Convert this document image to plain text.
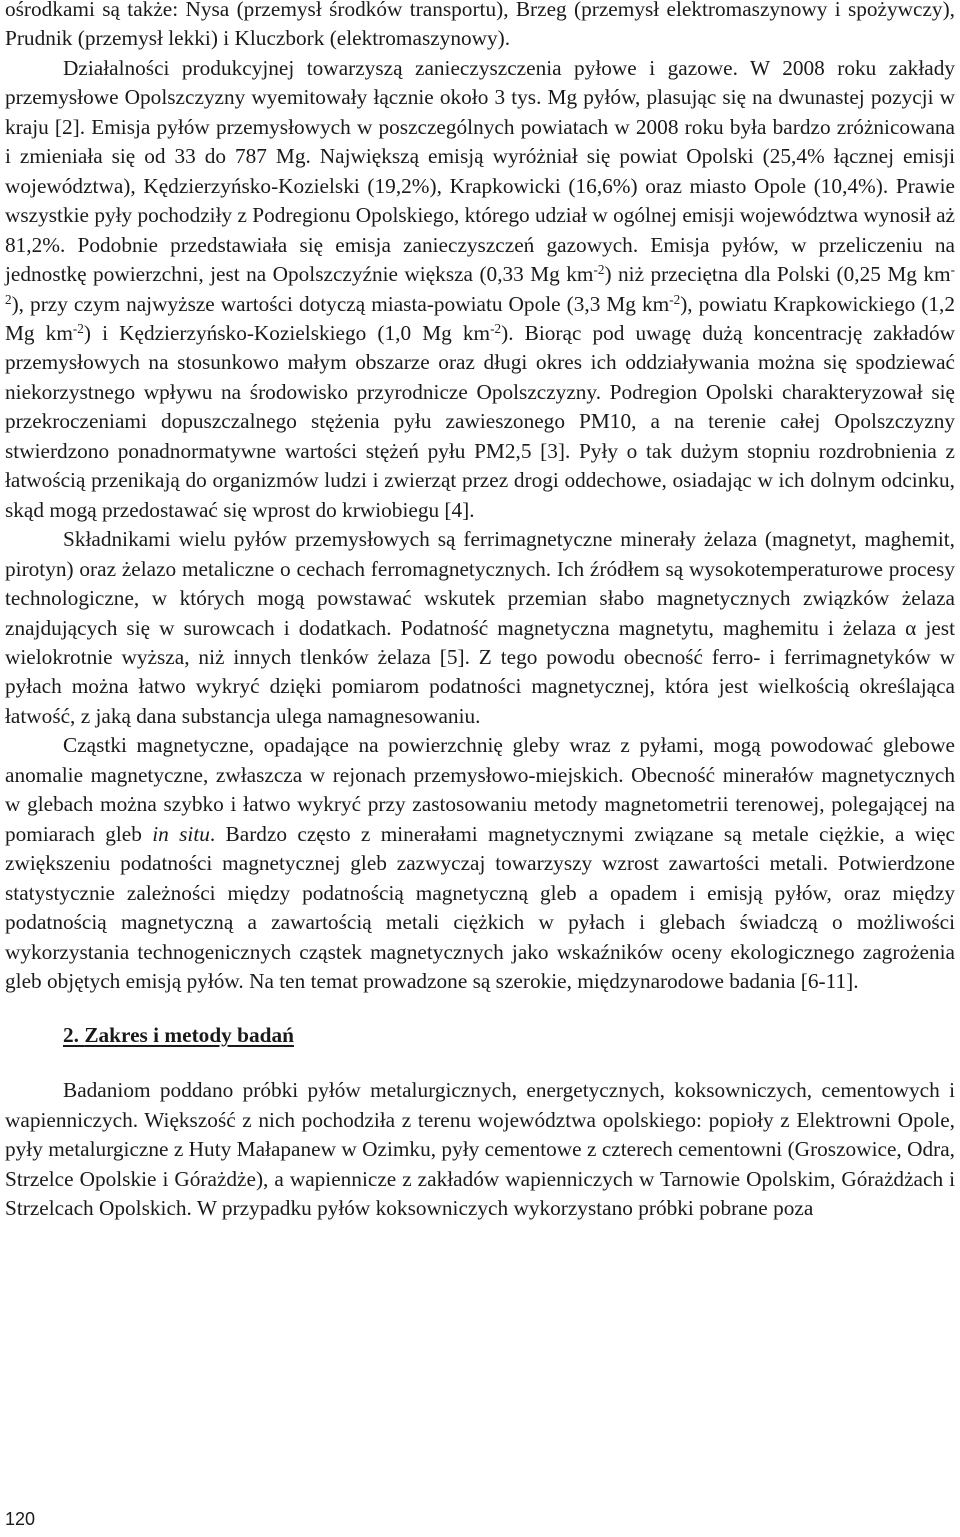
ośrodkami są także: Nysa (przemysł środków transportu), Brzeg (przemysł elektromaszynowy i spożywczy), Prudnik (przemysł lekki) i Kluczbork (elektromaszynowy).
Działalności produkcyjnej towarzyszą zanieczyszczenia pyłowe i gazowe. W 2008 roku zakłady przemysłowe Opolszczyzny wyemitowały łącznie około 3 tys. Mg pyłów, plasując się na dwunastej pozycji w kraju [2]. Emisja pyłów przemysłowych w poszczególnych powiatach w 2008 roku była bardzo zróżnicowana i zmieniała się od 33 do 787 Mg. Największą emisją wyróżniał się powiat Opolski (25,4% łącznej emisji województwa), Kędzierzyńsko-Kozielski (19,2%), Krapkowicki (16,6%) oraz miasto Opole (10,4%). Prawie wszystkie pyły pochodziły z Podregionu Opolskiego, którego udział w ogólnej emisji województwa wynosił aż 81,2%. Podobnie przedstawiała się emisja zanieczyszczeń gazowych. Emisja pyłów, w przeliczeniu na jednostkę powierzchni, jest na Opolszczyźnie większa (0,33 Mg $km^{-2}$) niż przeciętna dla Polski (0,25 Mg $km^{-2}$), przy czym najwyższe wartości dotyczą miasta-powiatu Opole (3,3 Mg $km^{-2}$), powiatu Krapkowickiego (1,2 Mg $km^{-2}$) i Kędzierzyńsko-Kozielskiego (1,0 Mg $km^{-2}$). Biorąc pod uwagę dużą koncentrację zakładów przemysłowych na stosunkowo małym obszarze oraz długi okres ich oddziaływania można się spodziewać niekorzystnego wpływu na środowisko przyrodnicze Opolszczyzny. Podregion Opolski charakteryzował się przekroczeniami dopuszczalnego stężenia pyłu zawieszonego PM10, a na terenie całej Opolszczyzny stwierdzono ponadnormatywne wartości stężeń pyłu PM2,5 [3]. Pyły o tak dużym stopniu rozdrobnienia z łatwością przenikają do organizmów ludzi i zwierząt przez drogi oddechowe, osiadając w ich dolnym odcinku, skąd mogą przedostawać się wprost do krwiobiegu [4].

Składnikami wielu pyłów przemysłowych są ferrimagnetyczne minerały żelaza (magnetyt, maghemit, pirotyn) oraz żelazo metaliczne o cechach ferromagnetycznych. Ich źródłem są wysokotemperaturowe procesy technologiczne, w których mogą powstawać wskutek przemian słabo magnetycznych związków żelaza znajdujących się w surowcach i dodatkach. Podatność magnetyczna magnetytu, maghemitu i żelaza α jest wielokrotnie wyższa, niż innych tlenków żelaza [5]. Z tego powodu obecność ferro- i ferrimagnetyków w pyłach można łatwo wykryć dzięki pomiarom podatności magnetycznej, która jest wielkością określająca łatwość, z jaką dana substancja ulega namagnesowaniu.

Cząstki magnetyczne, opadające na powierzchnię gleby wraz z pyłami, mogą powodować glebowe anomalie magnetyczne, zwłaszcza w rejonach przemysłowo-miejskich. Obecność minerałów magnetycznych w glebach można szybko i łatwo wykryć przy zastosowaniu metody magnetometrii terenowej, polegającej na pomiarach gleb in situ. Bardzo często z minerałami magnetycznymi związane są metale ciężkie, a więc zwiększeniu podatności magnetycznej gleb zazwyczaj towarzyszy wzrost zawartości metali. Potwierdzone statystycznie zależności między podatnością magnetyczną gleb a opadem i emisją pyłów, oraz między podatnością magnetyczną a zawartością metali ciężkich w pyłach i glebach świadczą o możliwości wykorzystania technogenicznych cząstek magnetycznych jako wskaźników oceny ekologicznego zagrożenia gleb objętych emisją pyłów. Na ten temat prowadzone są szerokie, międzynarodowe badania [6-11].

2. Zakres i metody badań

Badaniom poddano próbki pyłów metalurgicznych, energetycznych, koksowniczych, cementowych i wapienniczych. Większość z nich pochodziła z terenu województwa opolskiego: popioły z Elektrowni Opole, pyły metalurgiczne z Huty Małapanew w Ozimku, pyły cementowe z czterech cementowni (Groszowice, Odra, Strzelce Opolskie i Górażdże), a wapiennicze z zakładów wapienniczych w Tarnowie Opolskim, Górażdżach i Strzelcach Opolskich. W przypadku pyłów koksowniczych wykorzystano próbki pobrane poza

120
